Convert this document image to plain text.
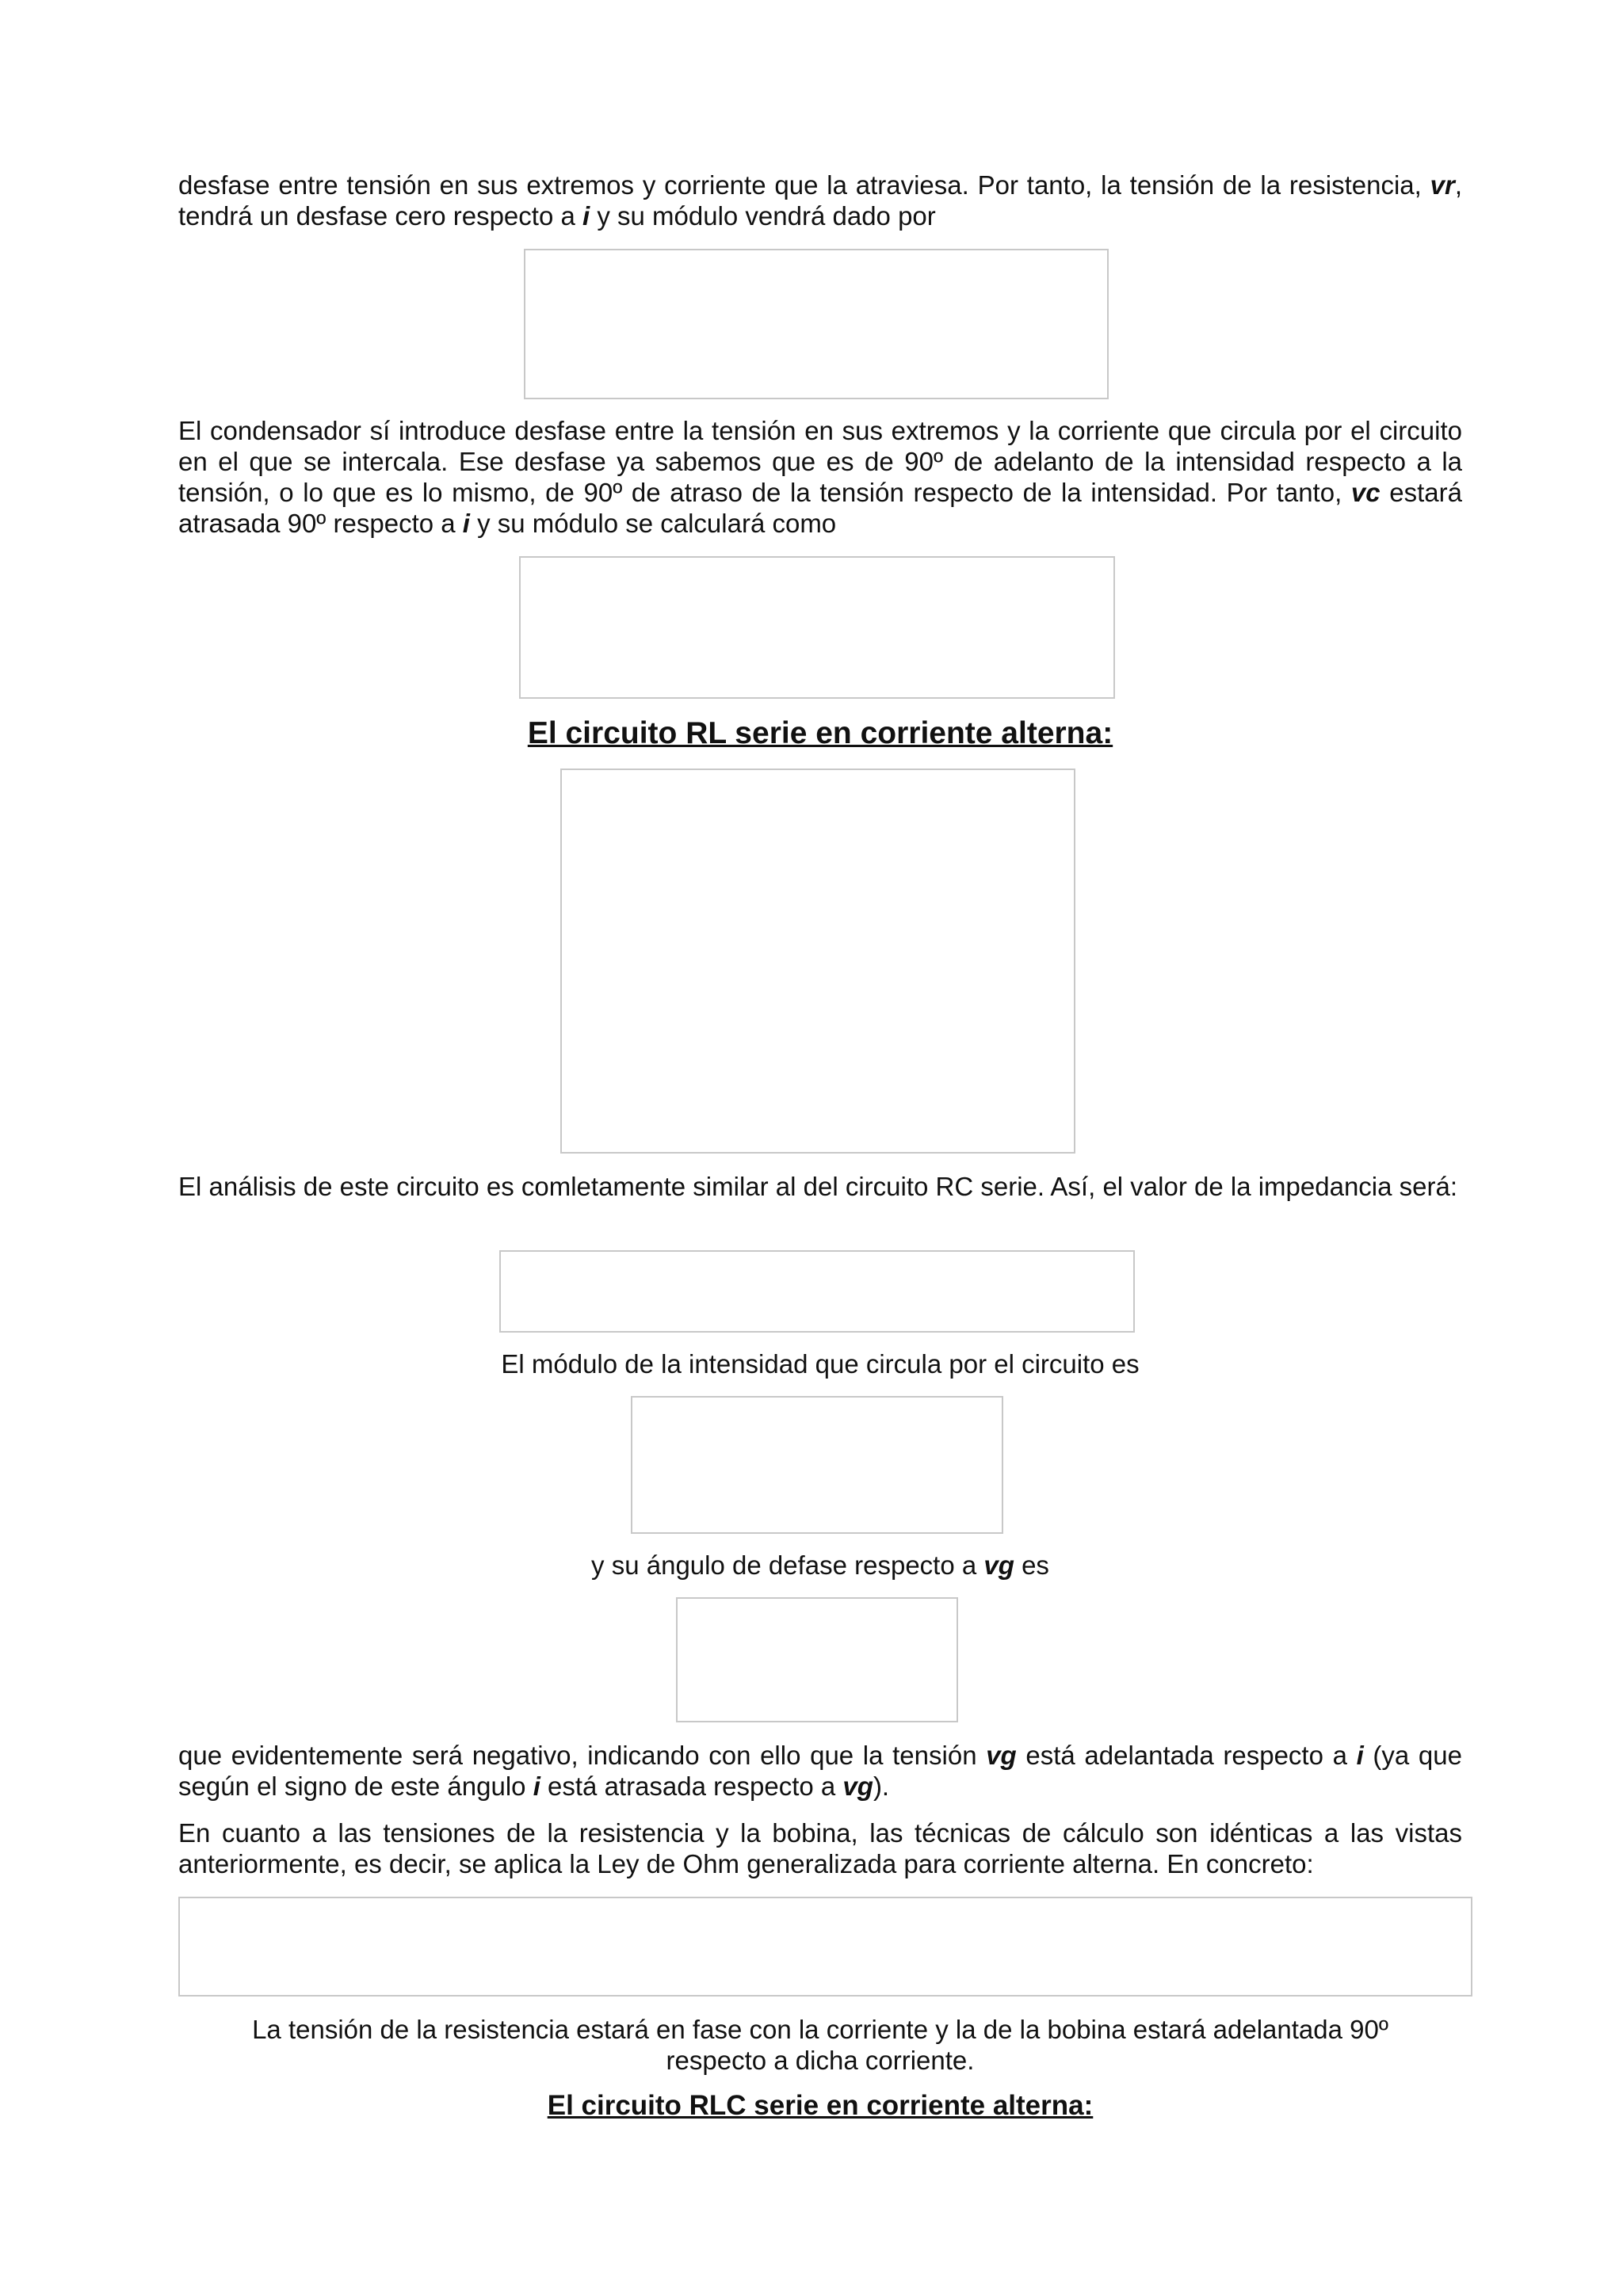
desfase entre tensión en sus extremos y corriente que la atraviesa. Por tanto, la tensión de la resistencia, vr, tendrá un desfase cero respecto a i y su módulo vendrá dado por

El condensador sí introduce desfase entre la tensión en sus extremos y la corriente que circula por el circuito en el que se intercala. Ese desfase ya sabemos que es de 90º de adelanto de la intensidad respecto a la tensión, o lo que es lo mismo, de 90º de atraso de la tensión respecto de la intensidad. Por tanto, vc estará atrasada 90º respecto a i y su módulo se calculará como

El circuito RL serie en corriente alterna:

El análisis de este circuito es comletamente similar al del circuito RC serie. Así, el valor de la impedancia será:

El módulo de la intensidad que circula por el circuito es

y su ángulo de defase respecto a vg es

que evidentemente será negativo, indicando con ello que la tensión vg está adelantada respecto a i (ya que según el signo de este ángulo i está atrasada respecto a vg).

En cuanto a las tensiones de la resistencia y la bobina, las técnicas de cálculo son idénticas a las vistas anteriormente, es decir, se aplica la Ley de Ohm generalizada para corriente alterna. En concreto:

La tensión de la resistencia estará en fase con la corriente y la de la bobina estará adelantada 90º respecto a dicha corriente.

El circuito RLC serie en corriente alterna:
